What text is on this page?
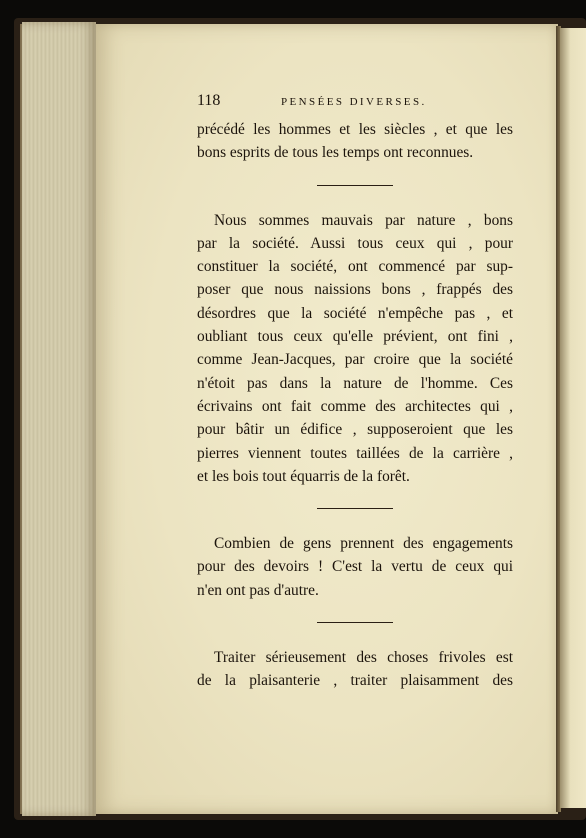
118	PENSÉES DIVERSES.
précédé les hommes et les siècles , et que les
bons esprits de tous les temps ont reconnues.
Nous sommes mauvais par nature , bons
par la société. Aussi tous ceux qui , pour
constituer la société, ont commencé par sup-
poser que nous naissions bons , frappés des
désordres que la société n'empêche pas , et
oubliant tous ceux qu'elle prévient, ont fini ,
comme Jean-Jacques, par croire que la société
n'étoit pas dans la nature de l'homme. Ces
écrivains ont fait comme des architectes qui ,
pour bâtir un édifice , supposeroient que les
pierres viennent toutes taillées de la carrière ,
et les bois tout équarris de la forêt.
Combien de gens prennent des engagements
pour des devoirs ! C'est la vertu de ceux qui
n'en ont pas d'autre.
Traiter sérieusement des choses frivoles est
de la plaisanterie , traiter plaisamment des
